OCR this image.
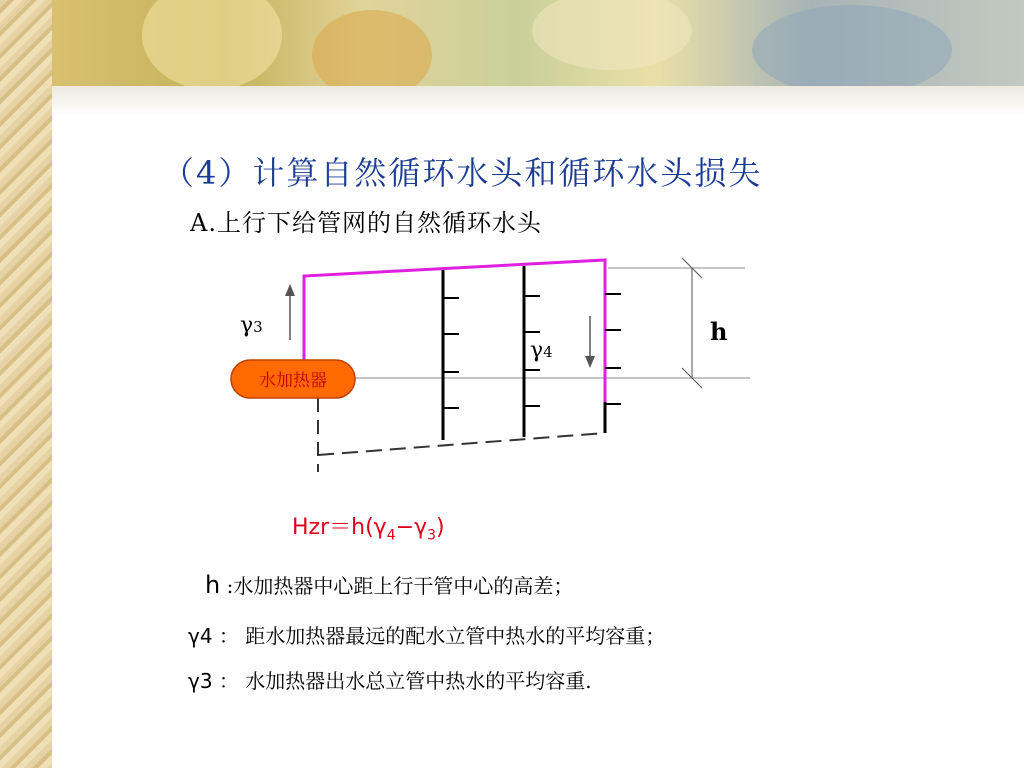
（4）计算自然循环水头和循环水头损失
A.上行下给管网的自然循环水头
h
γ3
γ4
水加热器
$Hzr=h(\gamma_4-\gamma_3)$
h :水加热器中心距上行干管中心的高差；
γ4 ： 距水加热器最远的配水立管中热水的平均容重；
γ3 ： 水加热器出水总立管中热水的平均容重.
